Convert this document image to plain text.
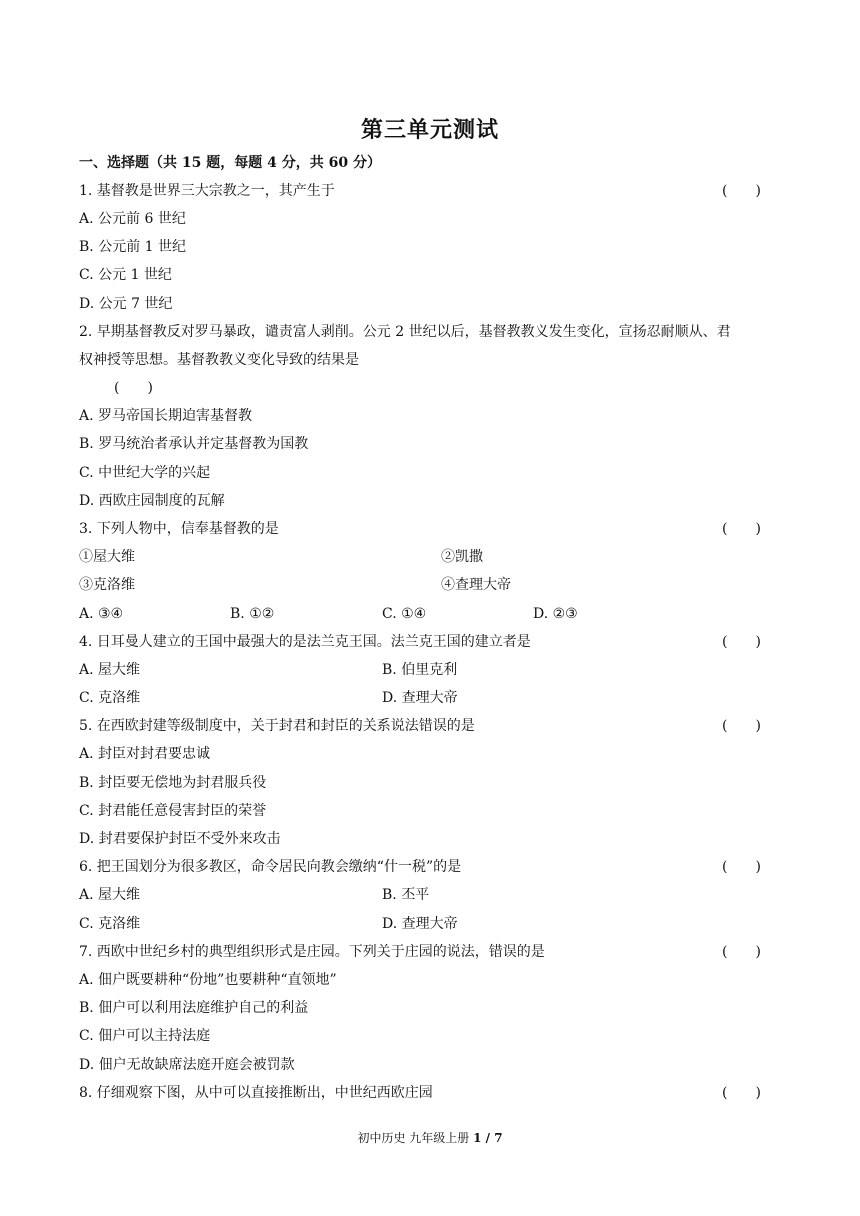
第三单元测试
一、选择题（共 15 题，每题 4 分，共 60 分）
1. 基督教是世界三大宗教之一，其产生于	(　　)
A. 公元前 6 世纪
B. 公元前 1 世纪
C. 公元 1 世纪
D. 公元 7 世纪
2. 早期基督教反对罗马暴政，谴责富人剥削。公元 2 世纪以后，基督教教义发生变化，宣扬忍耐顺从、君
权神授等思想。基督教教义变化导致的结果是
(　　)
A. 罗马帝国长期迫害基督教
B. 罗马统治者承认并定基督教为国教
C. 中世纪大学的兴起
D. 西欧庄园制度的瓦解
3. 下列人物中，信奉基督教的是	(　　)
①屋大维	②凯撒
③克洛维	④查理大帝
A. ③④	B. ①②	C. ①④	D. ②③
4. 日耳曼人建立的王国中最强大的是法兰克王国。法兰克王国的建立者是	(　　)
A. 屋大维	B. 伯里克利
C. 克洛维	D. 查理大帝
5. 在西欧封建等级制度中，关于封君和封臣的关系说法错误的是	(　　)
A. 封臣对封君要忠诚
B. 封臣要无偿地为封君服兵役
C. 封君能任意侵害封臣的荣誉
D. 封君要保护封臣不受外来攻击
6. 把王国划分为很多教区，命令居民向教会缴纳“什一税”的是	(　　)
A. 屋大维	B. 丕平
C. 克洛维	D. 查理大帝
7. 西欧中世纪乡村的典型组织形式是庄园。下列关于庄园的说法，错误的是	(　　)
A. 佃户既要耕种“份地”也要耕种“直领地”
B. 佃户可以利用法庭维护自己的利益
C. 佃户可以主持法庭
D. 佃户无故缺席法庭开庭会被罚款
8. 仔细观察下图，从中可以直接推断出，中世纪西欧庄园	(　　)
初中历史 九年级上册 1 / 7
